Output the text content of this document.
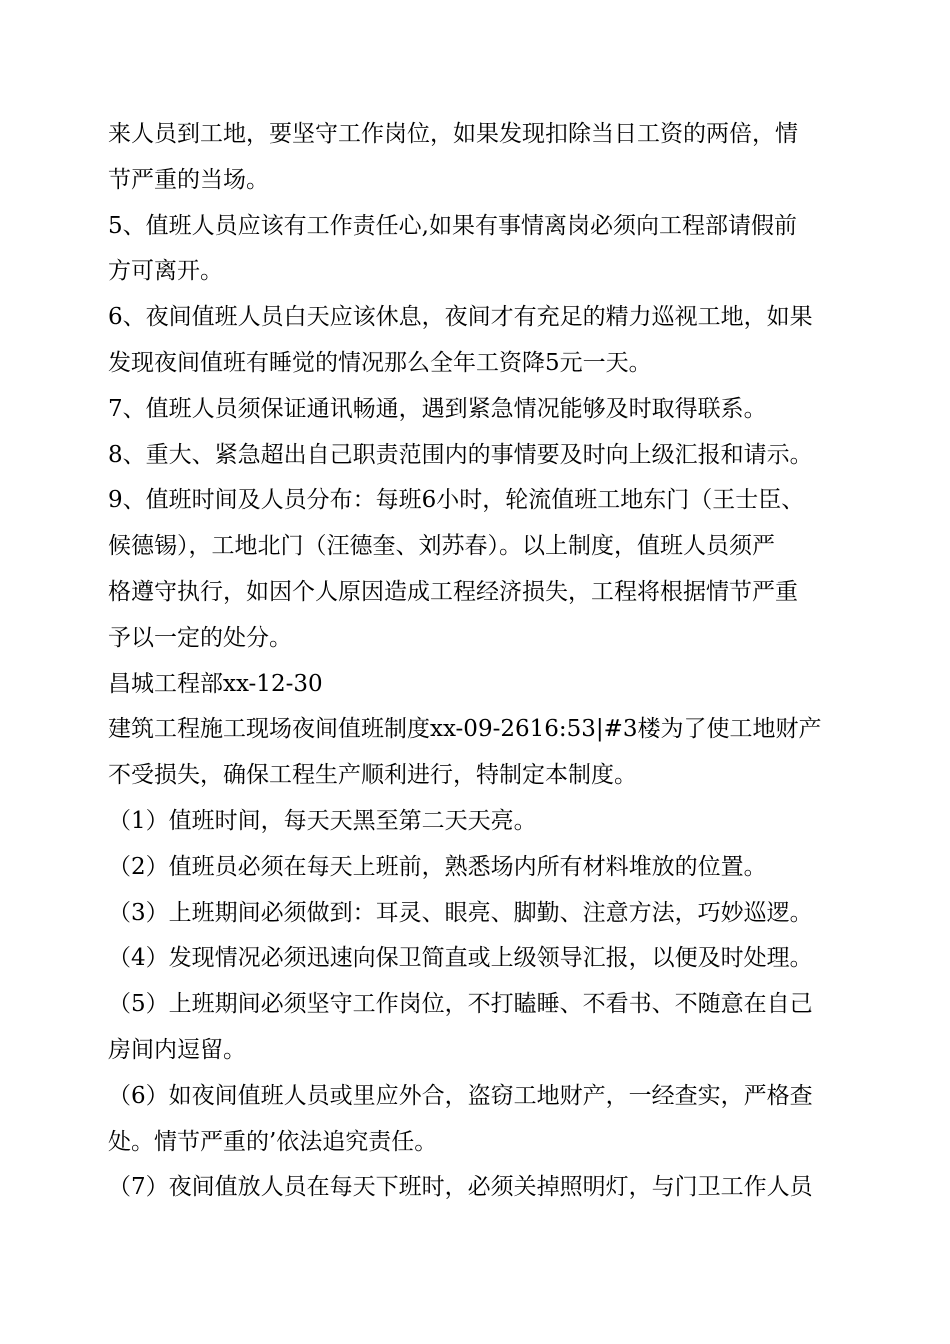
来人员到工地，要坚守工作岗位，如果发现扣除当日工资的两倍，情
节严重的当场。
5、值班人员应该有工作责任心,如果有事情离岗必须向工程部请假前
方可离开。
6、夜间值班人员白天应该休息，夜间才有充足的精力巡视工地，如果
发现夜间值班有睡觉的情况那么全年工资降5元一天。
7、值班人员须保证通讯畅通，遇到紧急情况能够及时取得联系。
8、重大、紧急超出自己职责范围内的事情要及时向上级汇报和请示。
9、值班时间及人员分布：每班6小时，轮流值班工地东门（王士臣、
候德锡），工地北门（汪德奎、刘苏春）。以上制度，值班人员须严
格遵守执行，如因个人原因造成工程经济损失，工程将根据情节严重
予以一定的处分。
昌城工程部xx-12-30
建筑工程施工现场夜间值班制度xx-09-2616:53|#3楼为了使工地财产
不受损失，确保工程生产顺利进行，特制定本制度。
（1）值班时间，每天天黑至第二天天亮。
（2）值班员必须在每天上班前，熟悉场内所有材料堆放的位置。
（3）上班期间必须做到：耳灵、眼亮、脚勤、注意方法，巧妙巡逻。
（4）发现情况必须迅速向保卫简直或上级领导汇报，以便及时处理。
（5）上班期间必须坚守工作岗位，不打瞌睡、不看书、不随意在自己
房间内逗留。
（6）如夜间值班人员或里应外合，盗窃工地财产，一经查实，严格查
处。情节严重的’依法追究责任。
（7）夜间值放人员在每天下班时，必须关掉照明灯，与门卫工作人员
